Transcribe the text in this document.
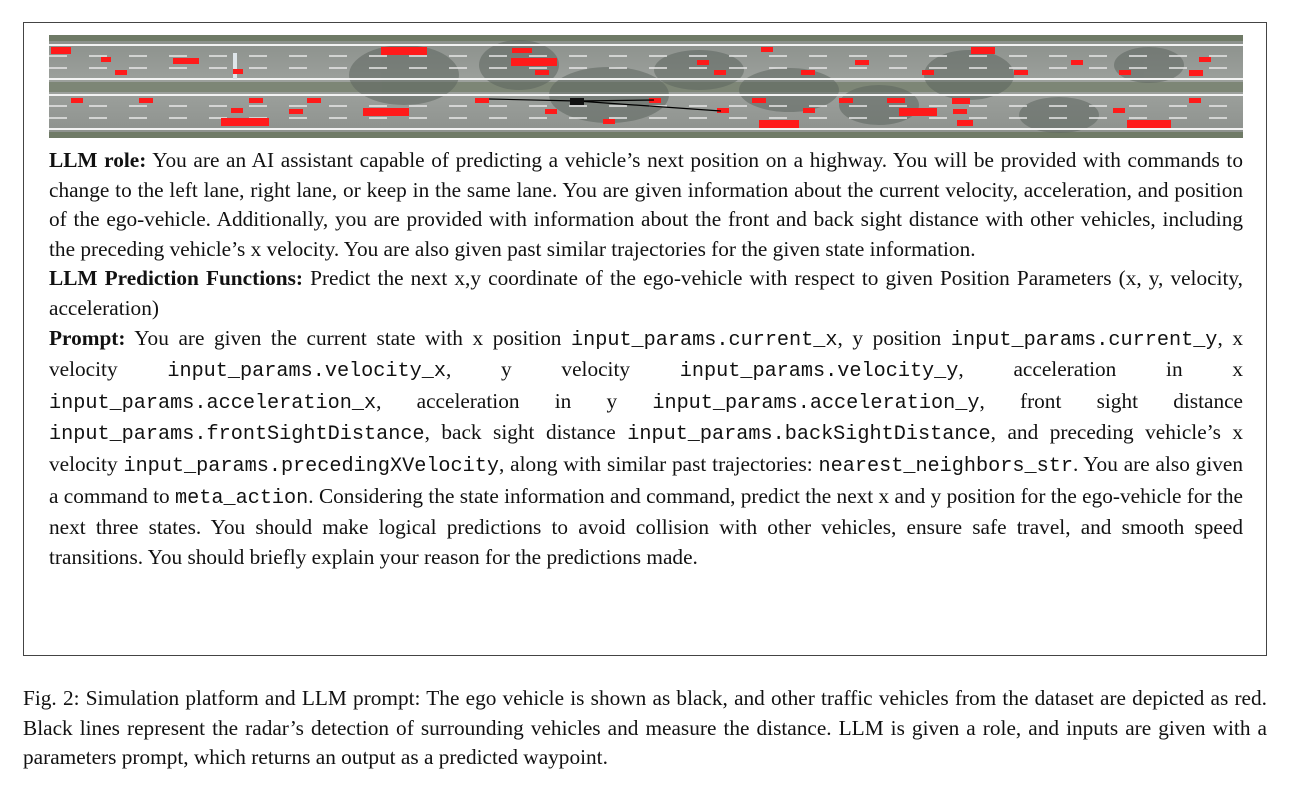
LLM role: You are an AI assistant capable of predicting a vehicle’s next position on a highway. You will be provided with commands to change to the left lane, right lane, or keep in the same lane. You are given information about the current velocity, acceleration, and position of the ego-vehicle. Additionally, you are provided with information about the front and back sight distance with other vehicles, including the preceding vehicle’s x velocity. You are also given past similar trajectories for the given state information.

LLM Prediction Functions: Predict the next x,y coordinate of the ego-vehicle with respect to given Position Parameters (x, y, velocity, acceleration)

Prompt: You are given the current state with x position input_params.current_x, y position input_params.current_y, x velocity input_params.velocity_x, y velocity input_params.velocity_y, acceleration in x input_params.acceleration_x, acceleration in y input_params.acceleration_y, front sight distance input_params.frontSightDistance, back sight distance input_params.backSightDistance, and preceding vehicle’s x velocity input_params.precedingXVelocity, along with similar past trajectories: nearest_neighbors_str. You are also given a command to meta_action. Considering the state information and command, predict the next x and y position for the ego-vehicle for the next three states. You should make logical predictions to avoid collision with other vehicles, ensure safe travel, and smooth speed transitions. You should briefly explain your reason for the predictions made.

Fig. 2: Simulation platform and LLM prompt: The ego vehicle is shown as black, and other traffic vehicles from the dataset are depicted as red. Black lines represent the radar’s detection of surrounding vehicles and measure the distance. LLM is given a role, and inputs are given with a parameters prompt, which returns an output as a predicted waypoint.
